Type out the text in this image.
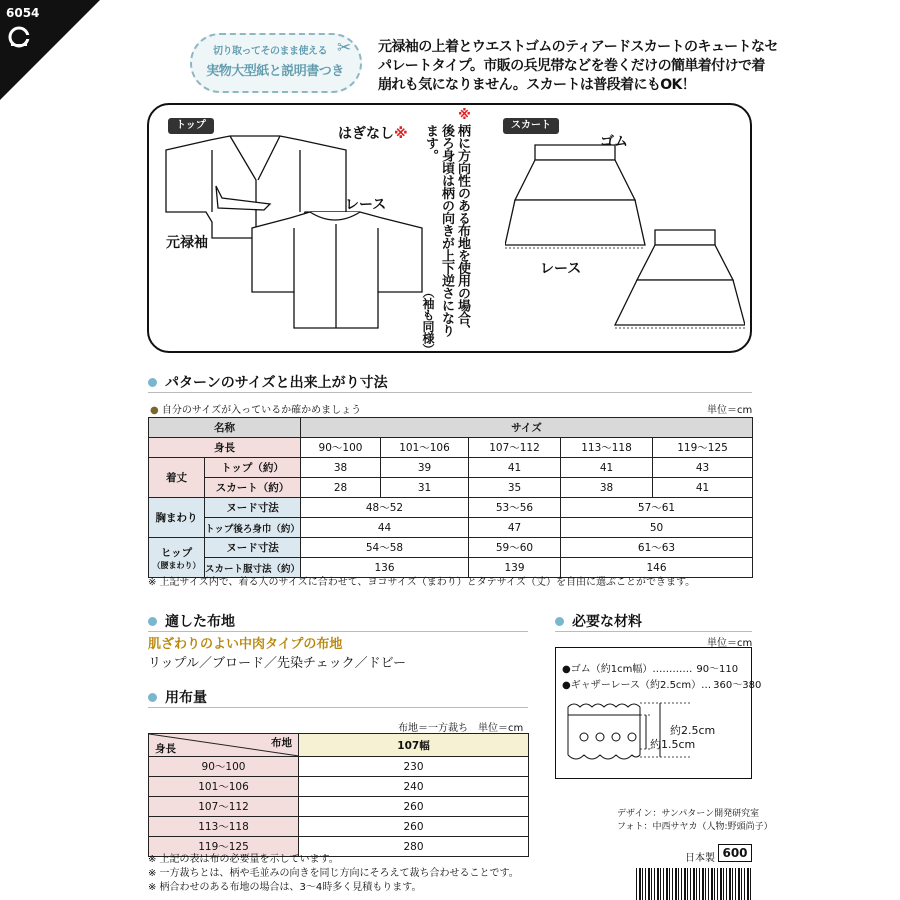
6054
切り取ってそのまま使える
実物大型紙と説明書つき
✂ 元禄袖の上着とウエストゴムのティアードスカートのキュートなセパレートタイプ。市販の兵児帯などを巻くだけの簡単着付けで着崩れも気になりません。スカートは普段着にもOK！
トップ	スカート
はぎなし※
レース
元禄袖
※
柄に方向性のある布地を使用の場合、後ろ身頃は柄の向きが上下逆さになります。
（袖も同様）
ゴム
レース
パターンのサイズと出来上がり寸法
● 自分のサイズが入っているか確かめましょう	単位＝cm
名称		サイズ				
身長		90〜100	101〜106	107〜112	113〜118	119〜125
着丈	トップ（約）	38	39	41	41	43
	スカート（約）	28	31	35	38	41
胸まわり	ヌード寸法	48〜52		53〜56	57〜61	
	トップ後ろ身巾（約）	44		47	50	

ヒップ
（腰まわり）	ヌード寸法	54〜58		59〜60	61〜63	
	スカート服寸法（約）	136		139	146	
※ 上記サイズ内で、着る人のサイズに合わせて、ヨコサイズ（まわり）とタテサイズ（丈）を自由に選ぶことができます。
適した布地
肌ざわりのよい中肉タイプの布地
リップル／ブロード／先染チェック／ドビー
用布量
布地＝一方裁ち　単位＝cm
身長 布地	107幅
90〜100	230
101〜106	240
107〜112	260
113〜118	260
119〜125	280
※ 上記の表は布の必要量を示しています。
※ 一方裁ちとは、柄や毛並みの向きを同じ方向にそろえて裁ち合わせることです。
※ 柄合わせのある布地の場合は、3〜4時多く見積もります。
必要な材料
単位＝cm
●ゴム（約1cm幅）………… 90〜110
●ギャザーレース（約2.5cm）… 360〜380
約2.5cm
約1.5cm
デザイン：サンパターン開発研究室
フォト：中西サヤカ（人物:野頭尚子）
日本製 600
